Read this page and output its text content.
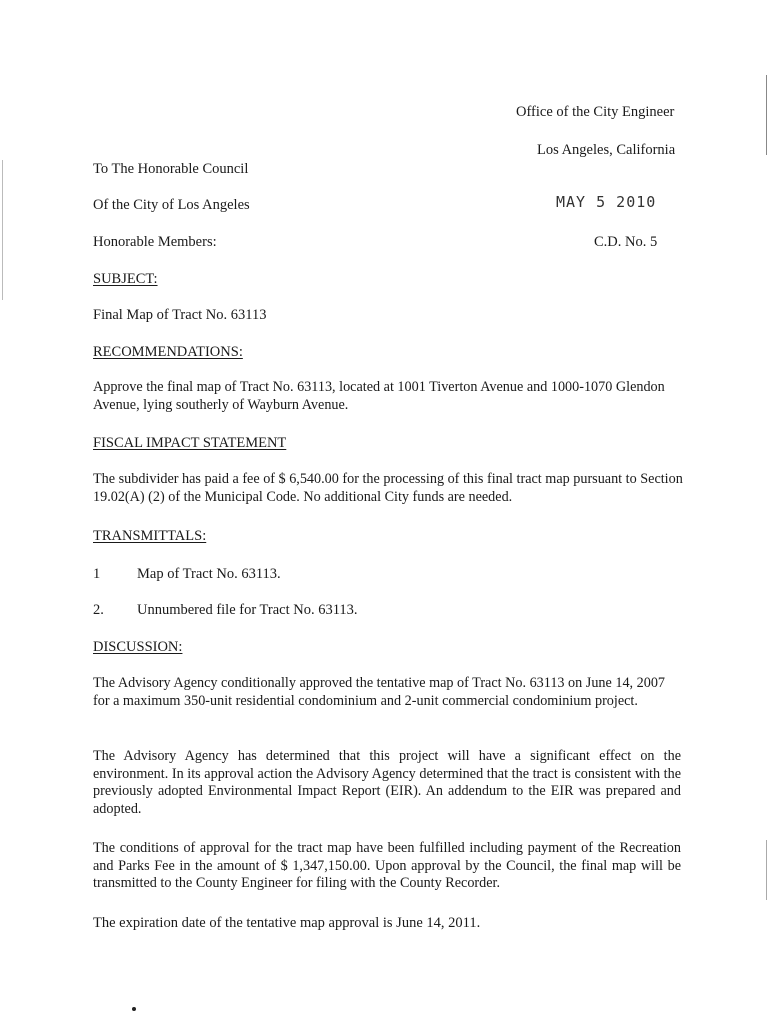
Office of the City Engineer
Los Angeles, California
To The Honorable Council
Of the City of Los Angeles	MAY 5 2010
Honorable Members:	C.D. No. 5
SUBJECT:
Final Map of Tract No. 63113
RECOMMENDATIONS:
Approve the final map of Tract No. 63113, located at 1001 Tiverton Avenue and 1000-1070 Glendon Avenue, lying southerly of Wayburn Avenue.
FISCAL IMPACT STATEMENT
The subdivider has paid a fee of $ 6,540.00 for the processing of this final tract map pursuant to Section 19.02(A) (2) of the Municipal Code. No additional City funds are needed.
TRANSMITTALS:
1	Map of Tract No. 63113.
2. Unnumbered file for Tract No. 63113.
DISCUSSION:
The Advisory Agency conditionally approved the tentative map of Tract No. 63113 on June 14, 2007 for a maximum 350-unit residential condominium and 2-unit commercial condominium project.
The Advisory Agency has determined that this project will have a significant effect on the environment. In its approval action the Advisory Agency determined that the tract is consistent with the previously adopted Environmental Impact Report (EIR). An addendum to the EIR was prepared and adopted.
The conditions of approval for the tract map have been fulfilled including payment of the Recreation and Parks Fee in the amount of $ 1,347,150.00. Upon approval by the Council, the final map will be transmitted to the County Engineer for filing with the County Recorder.
The expiration date of the tentative map approval is June 14, 2011.
